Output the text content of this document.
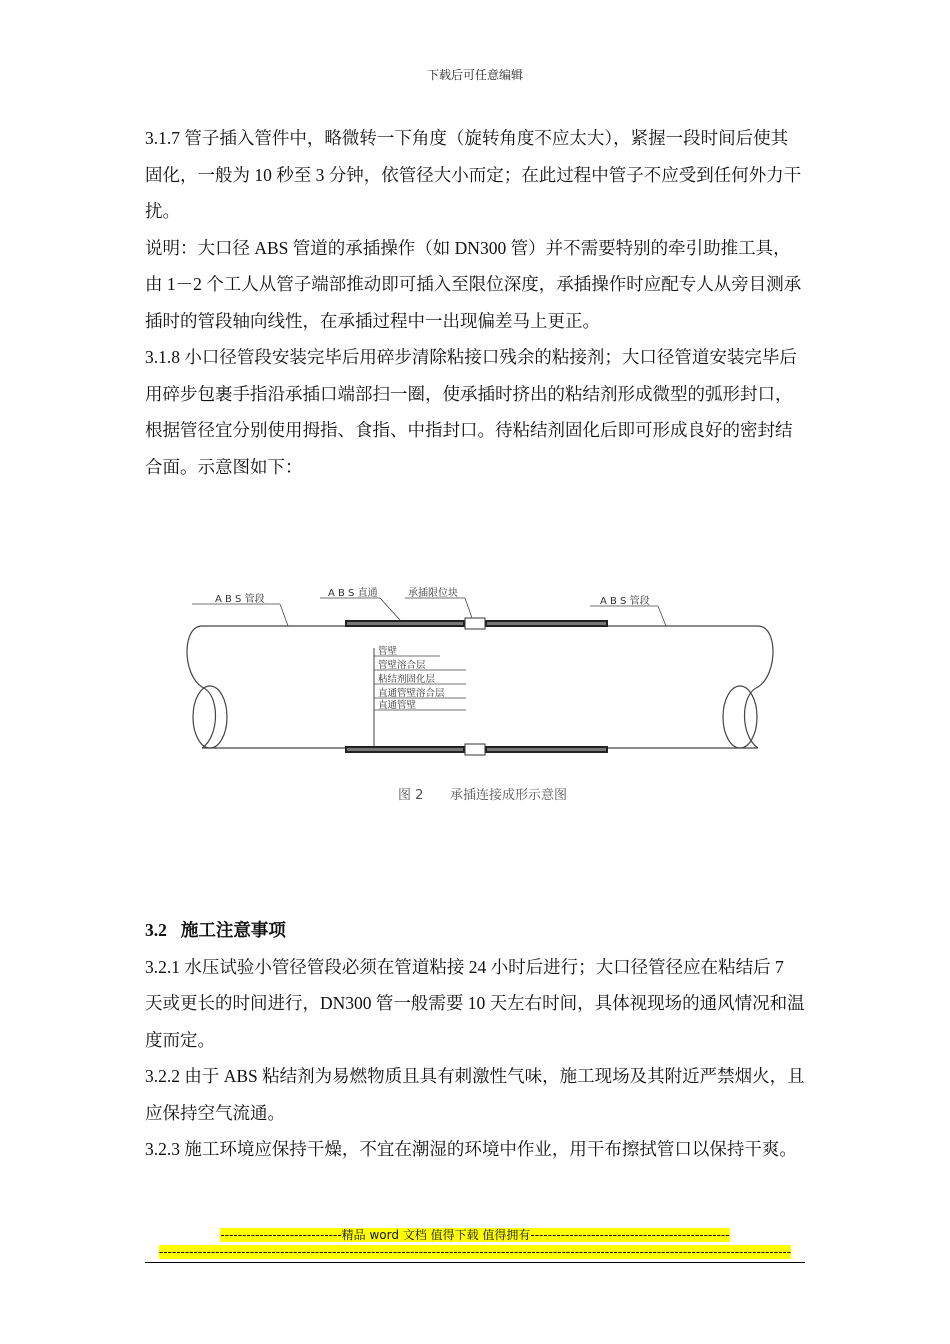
下载后可任意编辑

3.1.7 管子插入管件中，略微转一下角度（旋转角度不应太大），紧握一段时间后使其固化，一般为 10 秒至 3 分钟，依管径大小而定；在此过程中管子不应受到任何外力干扰。

说明：大口径 ABS 管道的承插操作（如 DN300 管）并不需要特别的牵引助推工具，由 1－2 个工人从管子端部推动即可插入至限位深度，承插操作时应配专人从旁目测承插时的管段轴向线性，在承插过程中一出现偏差马上更正。

3.1.8 小口径管段安装完毕后用碎步清除粘接口残余的粘接剂；大口径管道安装完毕后用碎步包裹手指沿承插口端部扫一圈，使承插时挤出的粘结剂形成微型的弧形封口，根据管径宜分别使用拇指、食指、中指封口。待粘结剂固化后即可形成良好的密封结合面。示意图如下：

A B S 管段
A B S 直通	承插限位块
A B S 管段
管壁
管壁溶合层
粘结剂固化层
直通管壁溶合层
直通管壁
图 2 承插连接成形示意图

3.2 施工注意事项

3.2.1 水压试验小管径管段必须在管道粘接 24 小时后进行；大口径管径应在粘结后 7 天或更长的时间进行，DN300 管一般需要 10 天左右时间，具体视现场的通风情况和温度而定。

3.2.2 由于 ABS 粘结剂为易燃物质且具有刺激性气味，施工现场及其附近严禁烟火，且应保持空气流通。

3.2.3 施工环境应保持干燥，不宜在潮湿的环境中作业，用干布擦拭管口以保持干爽。

----------------------------精品 word 文档 值得下载 值得拥有----------------------------------------------
--------------------------------------------------------------------------------------------------------------------------------------------------
